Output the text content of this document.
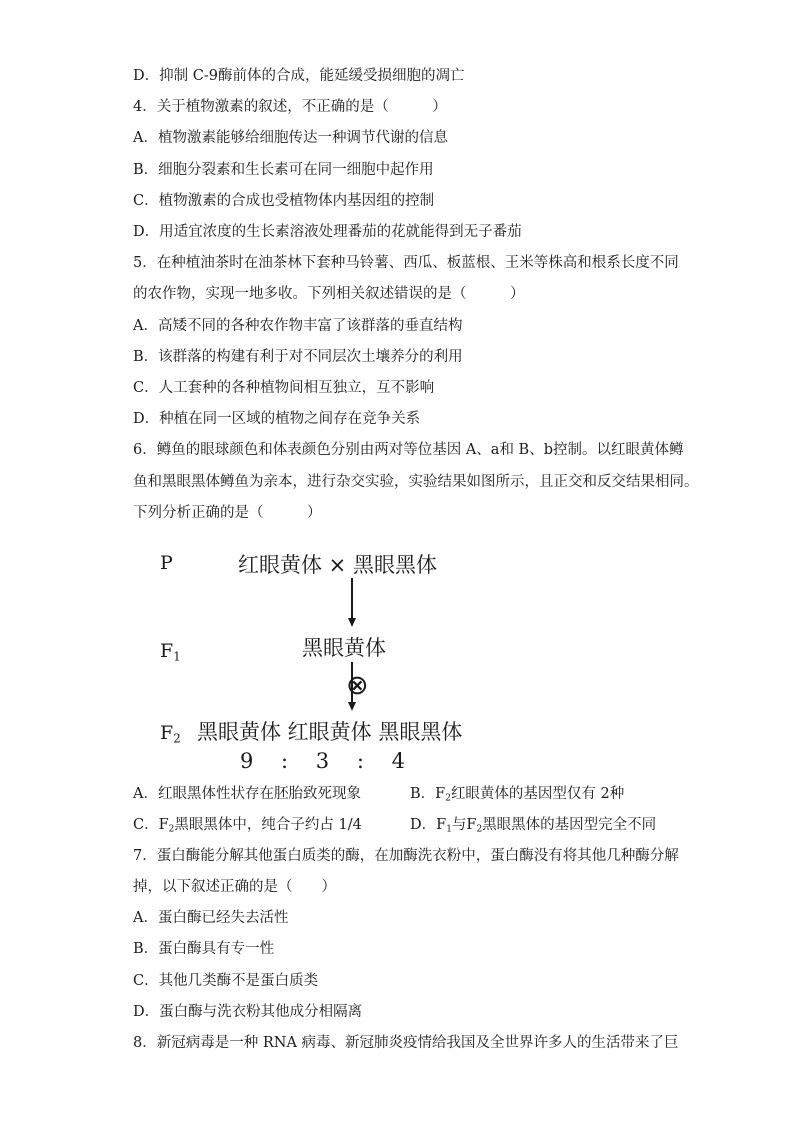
D．抑制 C-9酶前体的合成，能延缓受损细胞的凋亡
4．关于植物激素的叙述，不正确的是（　　　）
A．植物激素能够给细胞传达一种调节代谢的信息
B．细胞分裂素和生长素可在同一细胞中起作用
C．植物激素的合成也受植物体内基因组的控制
D．用适宜浓度的生长素溶液处理番茄的花就能得到无子番茄
5．在种植油茶时在油茶林下套种马铃薯、西瓜、板蓝根、王米等株高和根系长度不同
的农作物，实现一地多收。下列相关叙述错误的是（　　　）
A．高矮不同的各种农作物丰富了该群落的垂直结构
B．该群落的构建有利于对不同层次土壤养分的利用
C．人工套种的各种植物间相互独立，互不影响
D．种植在同一区域的植物之间存在竞争关系
6．鳟鱼的眼球颜色和体表颜色分别由两对等位基因 A、a和 B、b控制。以红眼黄体鳟
鱼和黑眼黑体鳟鱼为亲本，进行杂交实验，实验结果如图所示，且正交和反交结果相同。
下列分析正确的是（　　　）
P	红眼黄体 × 黑眼黑体
$F_1$	黑眼黄体
⊗
$F_2$ 黑眼黄体 红眼黄体 黑眼黑体
9　 :　 3　 :　 4
A．红眼黑体性状存在胚胎致死现象	B．$F_2$红眼黄体的基因型仅有 2种
C．$F_2$黑眼黑体中，纯合子约占 1/4	D．$F_1$与$F_2$黑眼黑体的基因型完全不同
7．蛋白酶能分解其他蛋白质类的酶，在加酶洗衣粉中，蛋白酶没有将其他几种酶分解
掉，以下叙述正确的是（　　）
A．蛋白酶已经失去活性
B．蛋白酶具有专一性
C．其他几类酶不是蛋白质类
D．蛋白酶与洗衣粉其他成分相隔离
8．新冠病毒是一种 RNA 病毒、新冠肺炎疫情给我国及全世界许多人的生活带来了巨
